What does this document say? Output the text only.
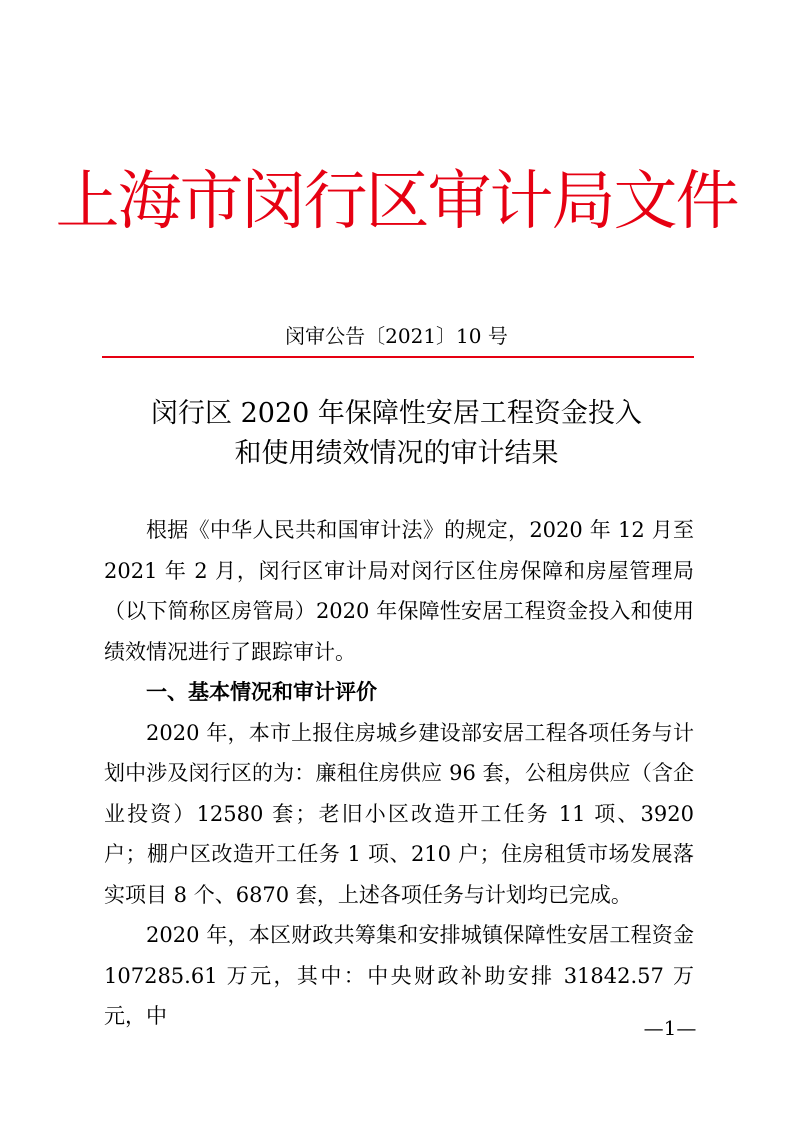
上海市闵行区审计局文件
闵审公告〔2021〕10 号
闵行区 2020 年保障性安居工程资金投入
和使用绩效情况的审计结果

根据《中华人民共和国审计法》的规定，2020 年 12 月至 2021 年 2 月，闵行区审计局对闵行区住房保障和房屋管理局（以下简称区房管局）2020 年保障性安居工程资金投入和使用绩效情况进行了跟踪审计。

一、基本情况和审计评价

2020 年，本市上报住房城乡建设部安居工程各项任务与计划中涉及闵行区的为：廉租住房供应 96 套，公租房供应（含企业投资）12580 套；老旧小区改造开工任务 11 项、3920 户；棚户区改造开工任务 1 项、210 户；住房租赁市场发展落实项目 8 个、6870 套，上述各项任务与计划均已完成。

2020 年，本区财政共筹集和安排城镇保障性安居工程资金 107285.61 万元，其中：中央财政补助安排 31842.57 万元，中	—1—
